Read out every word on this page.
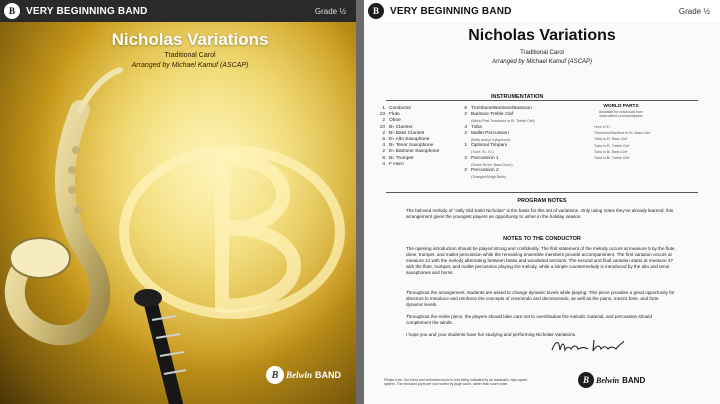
B	VERY BEGINNING BAND	Grade ½
Nicholas Variations
Traditional Carol
Arranged by Michael Kamuf (ASCAP)
B Belwin BAND
B	VERY BEGINNING BAND	Grade ½
Nicholas Variations
Traditional Carol
Arranged by Michael Kamuf (ASCAP)
INSTRUMENTATION
1 Conductor
10 Flute
2 Oboe
10 B♭ Clarinet
2 B♭ Bass Clarinet
6 E♭ Alto Saxophone
4 B♭ Tenor Saxophone
2 E♭ Baritone Saxophone
8 B♭ Trumpet
4 F Horn
6 Trombone/Baritone/Bassoon
2 Baritone Treble Clef
(World Part Trombone in B♭ Treble Clef)
4 Tuba
2 Mallet Percussion
(Bells and/or Xylophone)
1 Optional Timpani
(Tune: B♭, E♭)
2 Percussion 1
(Snare Drum, Bass Drum)
2 Percussion 2
(Triangle/Sleigh Bells)
WORLD PARTS
Available for download from www.alfred.com/worldparts
Horn in E♭
Trombone/Baritone in B♭ Bass Clef
Tuba in E♭ Bass Clef
Tuba in E♭ Treble Clef
Tuba in B♭ Bass Clef
Tuba in B♭ Treble Clef
PROGRAM NOTES
The beloved melody of "Jolly Old Saint Nicholas" is the basis for this set of variations. Only using notes they've already learned, this arrangement gives the youngest players an opportunity to usher in the holiday season.
NOTES TO THE CONDUCTOR
The opening introduction should be played strong and confidently. The first statement of the melody occurs at measure 5 by the flute, oboe, trumpet, and mallet percussion while the remaining ensemble members provide accompaniment. The first variation occurs at measure 21 with the melody alternating between brass and woodwind sections. The second and final variation starts at measure 37 with the flute, trumpet, and mallet percussion playing the melody, while a simple countermelody is introduced by the alto and tenor saxophones and horns.
Throughout the arrangement, students are asked to change dynamic levels while playing. This piece provides a great opportunity for directors to introduce and reinforce the concepts of crescendo and decrescendo, as well as the piano, mezzo forte, and forte dynamic levels.
Throughout the entire piece, the players should take care not to overshadow the melodic material, and percussion should complement the winds.
I hope you and your students have fun studying and performing Nicholas Variations.
Please note: Our band and orchestra music is now being indicated by an automatic, high-speed system. The enclosed parts are now sorted by page count, rather than score order.	B Belwin BAND
